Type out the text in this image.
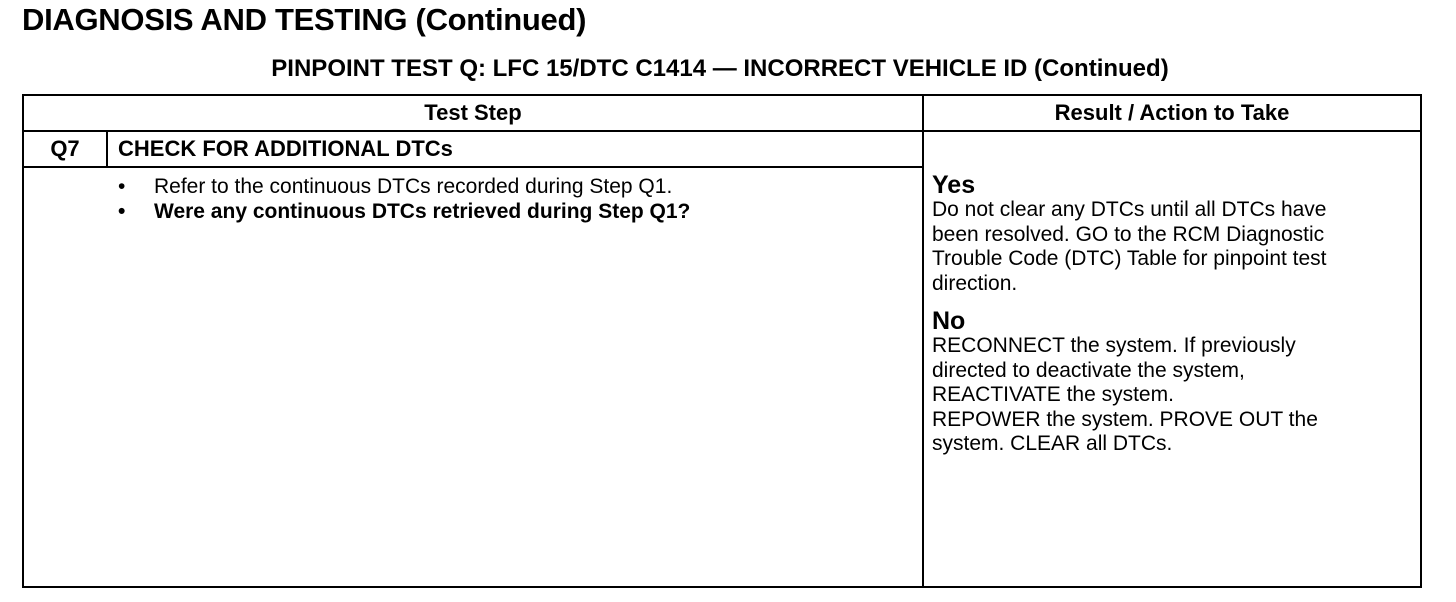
DIAGNOSIS AND TESTING (Continued)
PINPOINT TEST Q: LFC 15/DTC C1414 — INCORRECT VEHICLE ID (Continued)
Test Step	Result / Action to Take
Q7	CHECK FOR ADDITIONAL DTCs
• Refer to the continuous DTCs recorded during Step Q1.
• Were any continuous DTCs retrieved during Step Q1?
Yes
Do not clear any DTCs until all DTCs have
been resolved. GO to the RCM Diagnostic
Trouble Code (DTC) Table for pinpoint test
direction.
No
RECONNECT the system. If previously
directed to deactivate the system,
REACTIVATE the system.
REPOWER the system. PROVE OUT the
system. CLEAR all DTCs.
